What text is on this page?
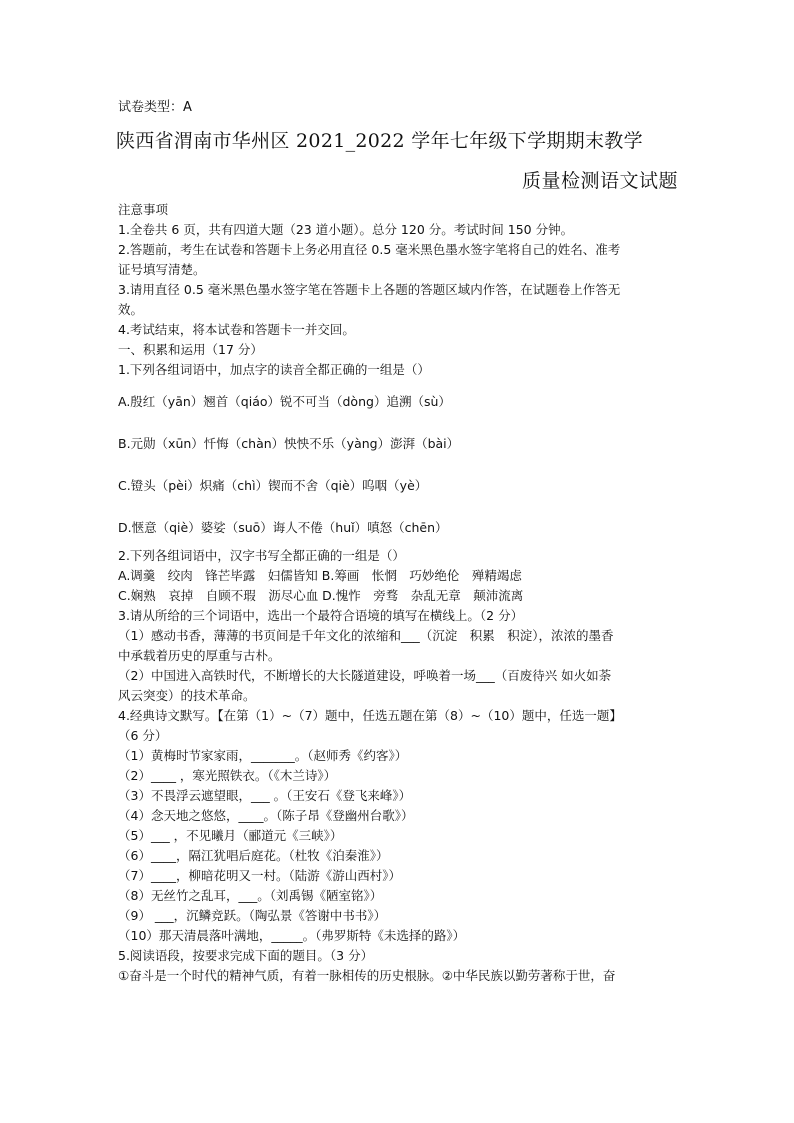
试卷类型：A
陕西省渭南市华州区 2021_2022 学年七年级下学期期末教学
质量检测语文试题
注意事项
1.全卷共 6 页，共有四道大题（23 道小题）。总分 120 分。考试时间 150 分钟。
2.答题前，考生在试卷和答题卡上务必用直径 0.5 毫米黑色墨水签字笔将自己的姓名、准考
证号填写清楚。
3.请用直径 0.5 毫米黑色墨水签字笔在答题卡上各题的答题区域内作答，在试题卷上作答无
效。
4.考试结束，将本试卷和答题卡一并交回。
一、积累和运用（17 分）
1.下列各组词语中，加点字的读音全都正确的一组是（）
A.殷红（yān）翘首（qiáo）锐不可当（dòng）追溯（sù）
B.元勋（xūn）忏悔（chàn）怏怏不乐（yàng）澎湃（bài）
C.镫头（pèi）炽痛（chì）锲而不舍（qiè）呜咽（yè）
D.惬意（qiè）婆娑（suō）诲人不倦（huǐ）嗔怒（chēn）
2.下列各组词语中，汉字书写全都正确的一组是（）
A.调羹　绞肉　锋芒毕露　妇儒皆知 B.筹画　怅惘　巧妙绝伦　殚精竭虑
C.娴熟　哀掉　自顾不瑕　沥尽心血 D.愧怍　旁骛　杂乱无章　颠沛流离
3.请从所给的三个词语中，选出一个最符合语境的填写在横线上。（2 分）
（1）感动书香，薄薄的书页间是千年文化的浓缩和___（沉淀　积累　积淀），浓浓的墨香
中承载着历史的厚重与古朴。
（2）中国进入高铁时代，不断增长的大长隧道建设，呼唤着一场___（百废待兴 如火如荼
风云突变）的技术革命。
4.经典诗文默写。【在第（1）~（7）题中，任选五题在第（8）~（10）题中，任选一题】
（6 分）
（1）黄梅时节家家雨，_______。（赵师秀《约客》）
（2）____ ，寒光照铁衣。（《木兰诗》）
（3）不畏浮云遮望眼，___ 。（王安石《登飞来峰》）
（4）念天地之悠悠，____。（陈子昂《登幽州台歌》）
（5）___ ，不见曦月（郦道元《三峡》）
（6）____，隔江犹唱后庭花。（杜牧《泊秦淮》）
（7）____，柳暗花明又一村。（陆游《游山西村》）
（8）无丝竹之乱耳，___。（刘禹锡《陋室铭》）
（9） ___，沉鳞竞跃。（陶弘景《答谢中书书》）
（10）那天清晨落叶满地，_____。（弗罗斯特《未选择的路》）
5.阅读语段，按要求完成下面的题目。（3 分）
①奋斗是一个时代的精神气质，有着一脉相传的历史根脉。②中华民族以勤劳著称于世，奋
